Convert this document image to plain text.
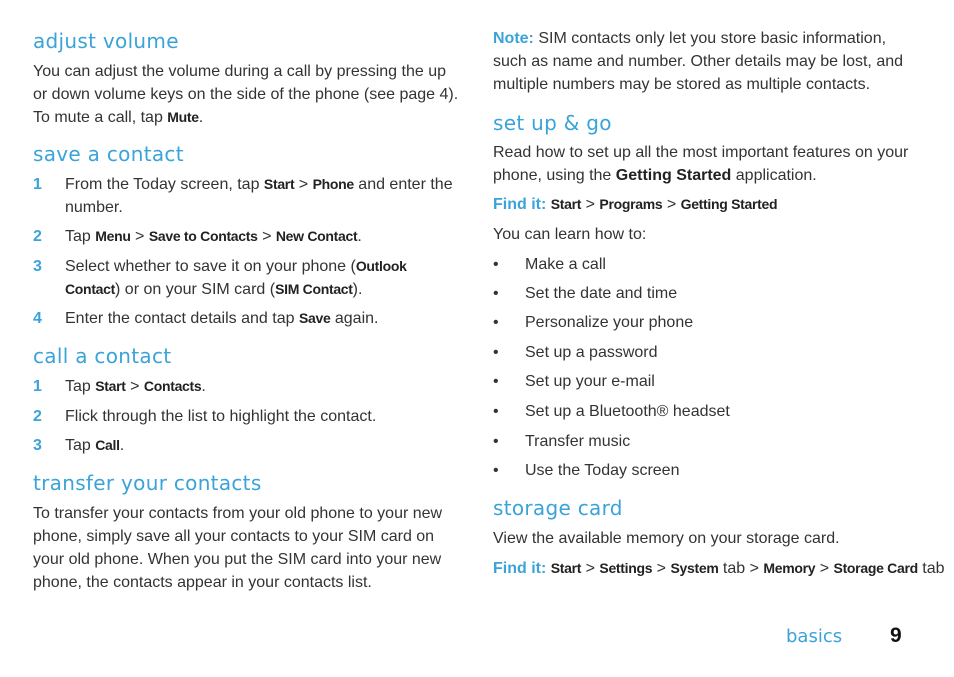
adjust volume

You can adjust the volume during a call by pressing the up or down volume keys on the side of the phone (see page 4). To mute a call, tap Mute.

save a contact
1 From the Today screen, tap Start > Phone and enter the number.
2 Tap Menu > Save to Contacts > New Contact.
3 Select whether to save it on your phone (Outlook Contact) or on your SIM card (SIM Contact).
4 Enter the contact details and tap Save again.
call a contact
1 Tap Start > Contacts.
2 Flick through the list to highlight the contact.
3 Tap Call.
transfer your contacts

To transfer your contacts from your old phone to your new phone, simply save all your contacts to your SIM card on your old phone. When you put the SIM card into your new phone, the contacts appear in your contacts list.

Note: SIM contacts only let you store basic information, such as name and number. Other details may be lost, and multiple numbers may be stored as multiple contacts.

set up & go

Read how to set up all the most important features on your phone, using the Getting Started application.

Find it: Start > Programs > Getting Started

You can learn how to:

• Make a call
• Set the date and time
• Personalize your phone
• Set up a password
• Set up your e-mail
• Set up a Bluetooth® headset
• Transfer music
• Use the Today screen
storage card

View the available memory on your storage card.

Find it: Start > Settings > System tab > Memory > Storage Card tab
basics 9
